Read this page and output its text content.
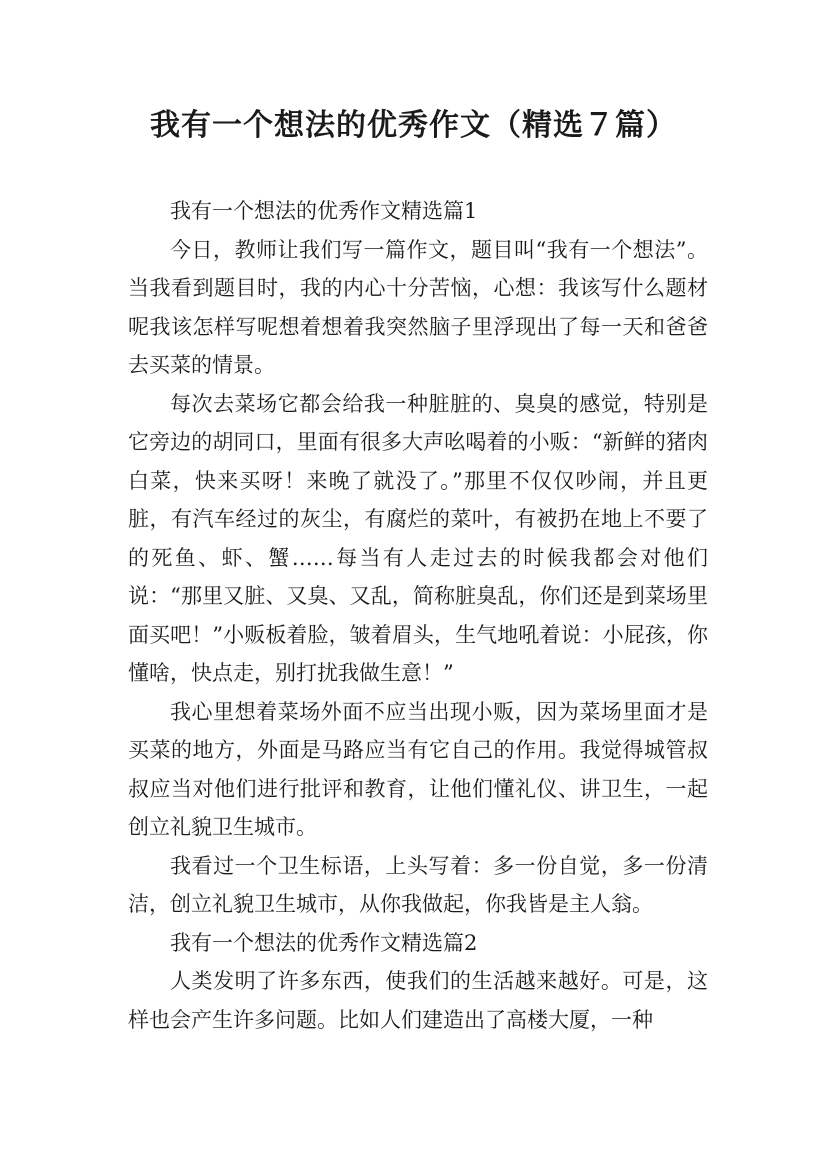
我有一个想法的优秀作文（精选７篇）

我有一个想法的优秀作文精选篇1

今日，教师让我们写一篇作文，题目叫“我有一个想法”。当我看到题目时，我的内心十分苦恼，心想：我该写什么题材呢我该怎样写呢想着想着我突然脑子里浮现出了每一天和爸爸去买菜的情景。

每次去菜场它都会给我一种脏脏的、臭臭的感觉，特别是它旁边的胡同口，里面有很多大声吆喝着的小贩：“新鲜的猪肉白菜，快来买呀！来晚了就没了。”那里不仅仅吵闹，并且更脏，有汽车经过的灰尘，有腐烂的菜叶，有被扔在地上不要了的死鱼、虾、蟹……每当有人走过去的时候我都会对他们说：“那里又脏、又臭、又乱，简称脏臭乱，你们还是到菜场里面买吧！”小贩板着脸，皱着眉头，生气地吼着说：小屁孩，你懂啥，快点走，别打扰我做生意！”

我心里想着菜场外面不应当出现小贩，因为菜场里面才是买菜的地方，外面是马路应当有它自己的作用。我觉得城管叔叔应当对他们进行批评和教育，让他们懂礼仪、讲卫生，一起创立礼貌卫生城市。

我看过一个卫生标语，上头写着：多一份自觉，多一份清洁，创立礼貌卫生城市，从你我做起，你我皆是主人翁。

我有一个想法的优秀作文精选篇2

人类发明了许多东西，使我们的生活越来越好。可是，这样也会产生许多问题。比如人们建造出了高楼大厦，一种
